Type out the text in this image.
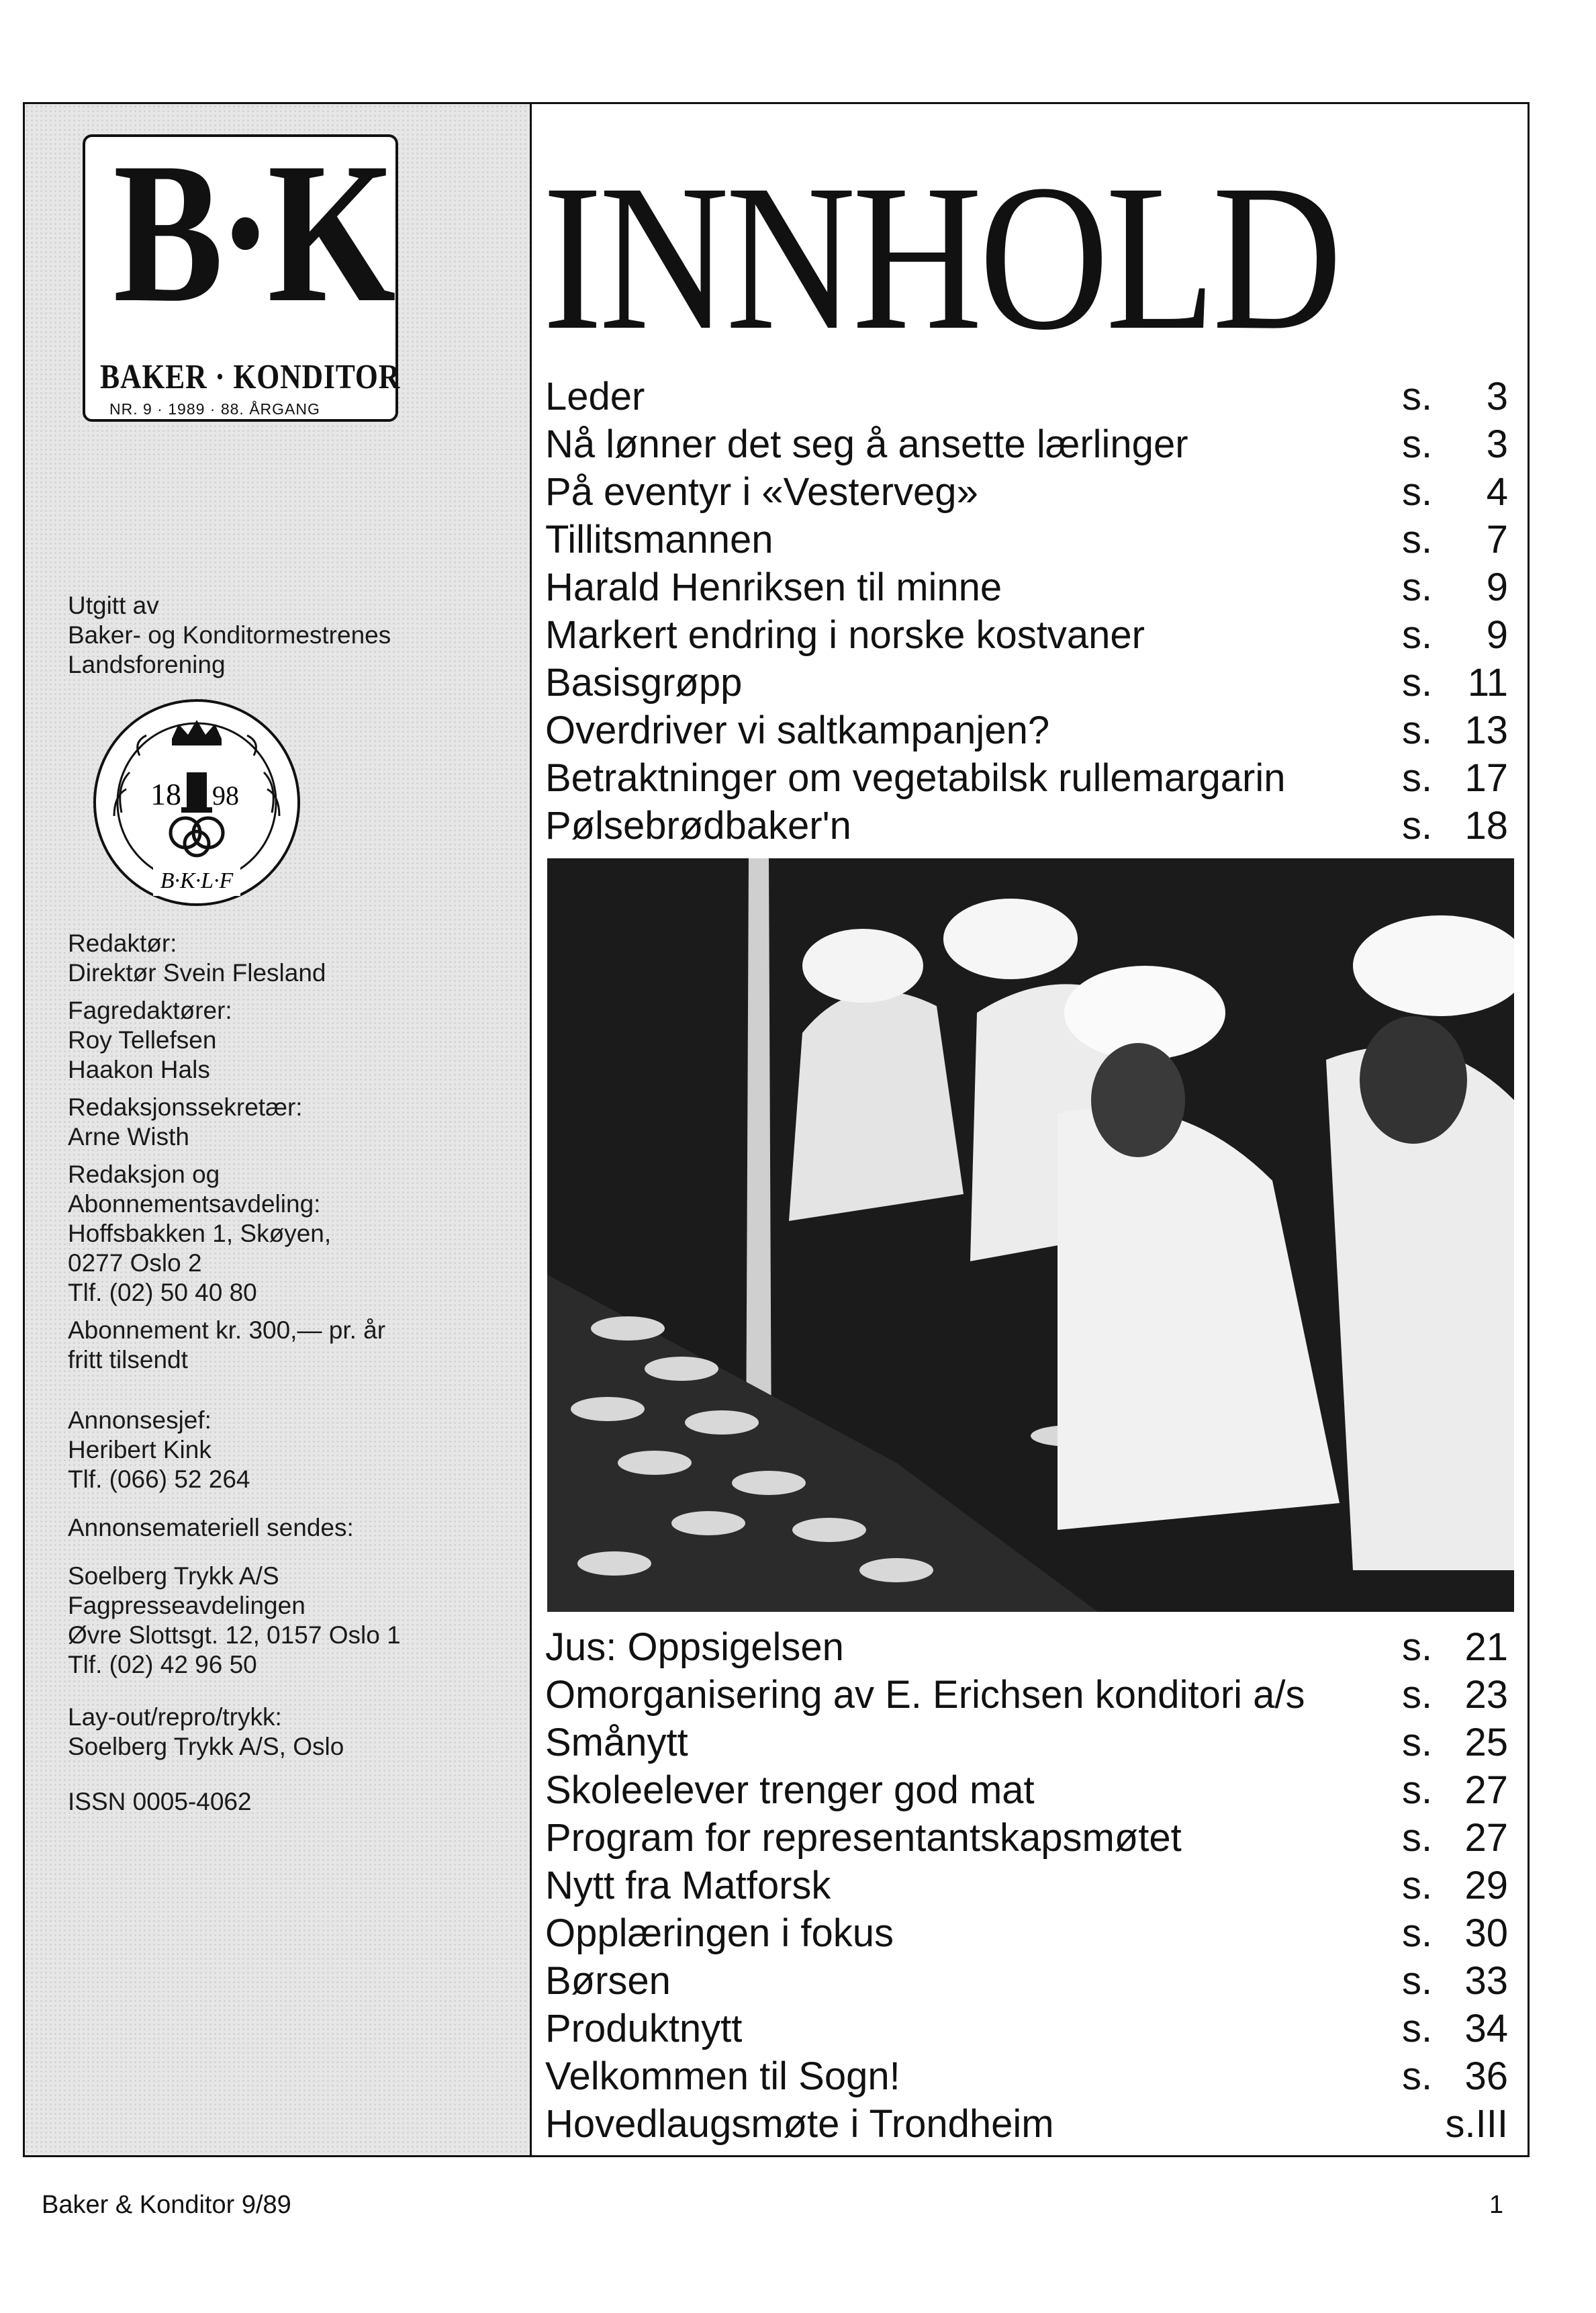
B·K
BAKER · KONDITOR
NR. 9 · 1989 · 88. ÅRGANG
Utgitt av
Baker- og Konditormestrenes
Landsforening
18 98
B·K·L·F
Redaktør:
Direktør Svein Flesland
Fagredaktører:
Roy Tellefsen
Haakon Hals
Redaksjonssekretær:
Arne Wisth
Redaksjon og
Abonnementsavdeling:
Hoffsbakken 1, Skøyen,
0277 Oslo 2
Tlf. (02) 50 40 80
Abonnement kr. 300,— pr. år
fritt tilsendt
Annonsesjef:
Heribert Kink
Tlf. (066) 52 264
Annonsemateriell sendes:
Soelberg Trykk A/S
Fagpresseavdelingen
Øvre Slottsgt. 12, 0157 Oslo 1
Tlf. (02) 42 96 50
Lay-out/repro/trykk:
Soelberg Trykk A/S, Oslo
ISSN 0005-4062
INNHOLD
Leder	s. 3
Nå lønner det seg å ansette lærlinger	s. 3
På eventyr i «Vesterveg»	s. 4
Tillitsmannen	s. 7
Harald Henriksen til minne	s. 9
Markert endring i norske kostvaner	s. 9
Basisgrøpp	s. 11
Overdriver vi saltkampanjen?	s. 13
Betraktninger om vegetabilsk rullemargarin	s. 17
Pølsebrødbaker'n	s. 18
Jus: Oppsigelsen	s. 21
Omorganisering av E. Erichsen konditori a/s s. 23
Smånytt	s. 25
Skoleelever trenger god mat	s. 27
Program for representantskapsmøtet	s. 27
Nytt fra Matforsk	s. 29
Opplæringen i fokus	s. 30
Børsen	s. 33
Produktnytt	s. 34
Velkommen til Sogn!	s. 36
Hovedlaugsmøte i Trondheim	s.III
Baker & Konditor 9/89	1
